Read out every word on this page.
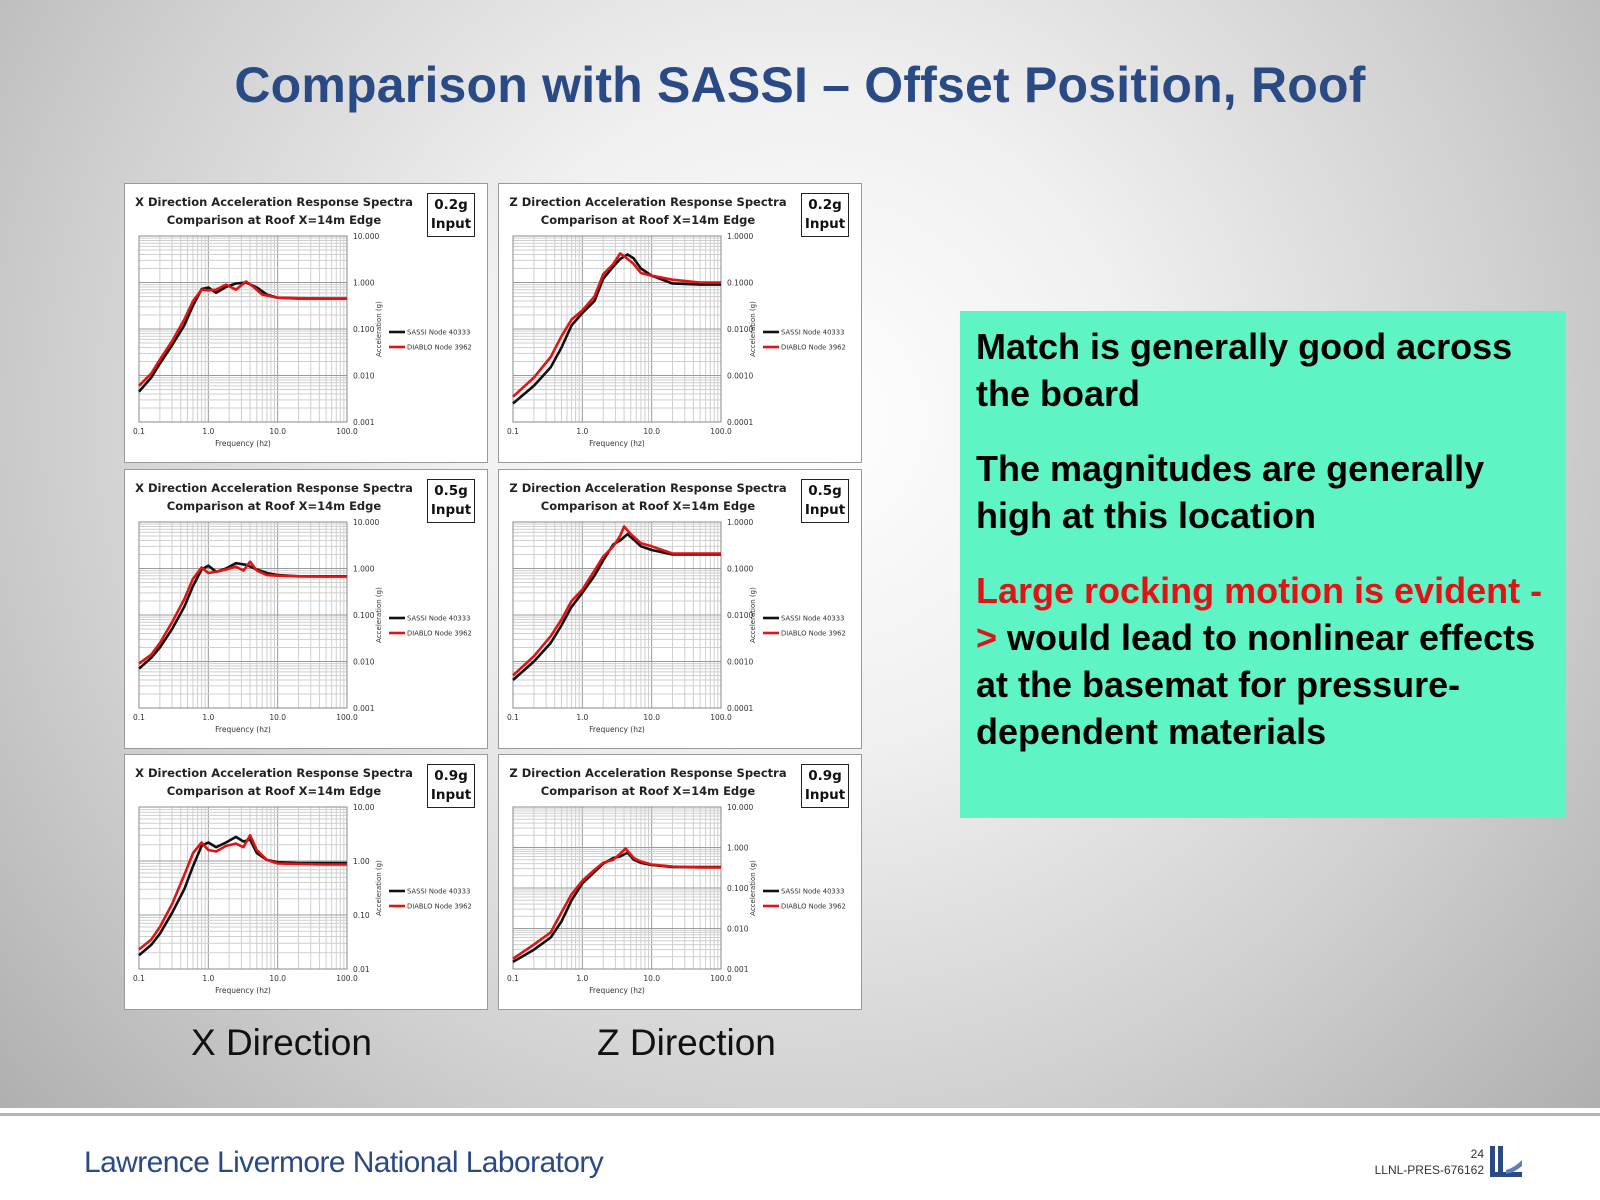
Comparison with SASSI – Offset Position, Roof
0.1	1.0	10.0	100.0
10.000
1.000
0.100
0.010
0.001
Frequency (hz)
Acceleration (g)	SASSI Node 40333
DIABLO Node 3962
X Direction Acceleration Response Spectra
Comparison at Roof X=14m Edge
0.2g
Input
0.1	1.0	10.0	100.0
1.0000
0.1000
0.0100
0.0010
0.0001
Frequency (hz)
Acceleration (g)	SASSI Node 40333
DIABLO Node 3962
Z Direction Acceleration Response Spectra
Comparison at Roof X=14m Edge
0.2g
Input
0.1	1.0	10.0	100.0
10.000
1.000
0.100
0.010
0.001
Frequency (hz)
Acceleration (g)	SASSI Node 40333
DIABLO Node 3962
X Direction Acceleration Response Spectra
Comparison at Roof X=14m Edge
0.5g
Input
0.1	1.0	10.0	100.0
1.0000
0.1000
0.0100
0.0010
0.0001
Frequency (hz)
Acceleration (g)	SASSI Node 40333
DIABLO Node 3962
Z Direction Acceleration Response Spectra
Comparison at Roof X=14m Edge
0.5g
Input
0.1	1.0	10.0	100.0
10.00
1.00
0.10
0.01
Frequency (hz)
Acceleration (g)	SASSI Node 40333
DIABLO Node 3962
X Direction Acceleration Response Spectra
Comparison at Roof X=14m Edge
0.9g
Input
0.1	1.0	10.0	100.0
10.000
1.000
0.100
0.010
0.001
Frequency (hz)
Acceleration (g)	SASSI Node 40333
DIABLO Node 3962
Z Direction Acceleration Response Spectra
Comparison at Roof X=14m Edge
0.9g
Input
X Direction	Z Direction

Match is generally good across the board

The magnitudes are generally high at this location

Large rocking motion is evident -> would lead to nonlinear effects at the basemat for pressure-dependent materials

Lawrence Livermore National Laboratory	24
LLNL-PRES-676162
